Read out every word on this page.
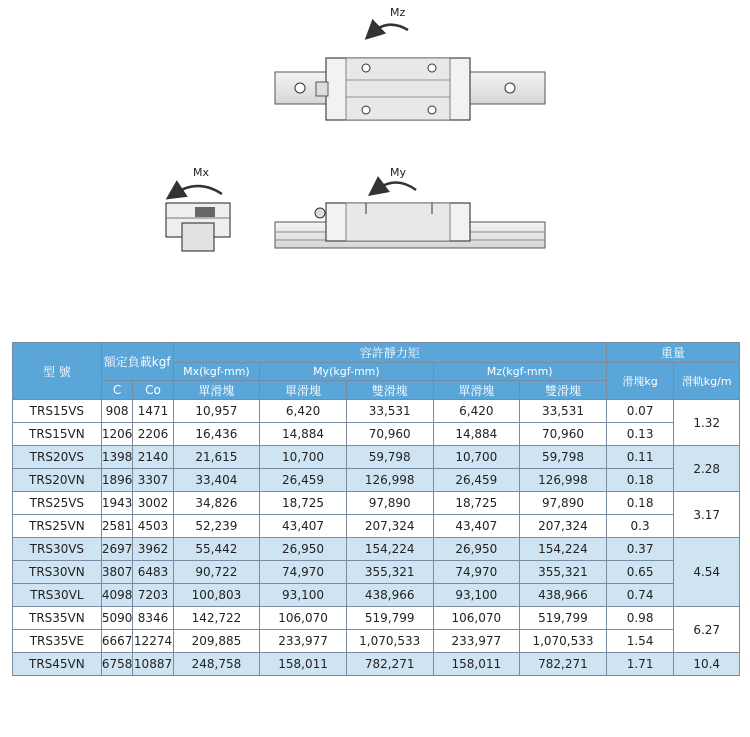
Mz
Mx	My
型 號	額定負載kgf		容許靜力矩					重量	
			Mx(kgf-mm)	My(kgf-mm)		Mz(kgf-mm)		滑塊kg	滑軌kg/m
	C	Co	單滑塊	單滑塊	雙滑塊	單滑塊	雙滑塊		
TRS15VS	908	1471	10,957	6,420	33,531	6,420	33,531	0.07	1.32
TRS15VN	1206	2206	16,436	14,884	70,960	14,884	70,960	0.13	
TRS20VS	1398	2140	21,615	10,700	59,798	10,700	59,798	0.11	2.28
TRS20VN	1896	3307	33,404	26,459	126,998	26,459	126,998	0.18	
TRS25VS	1943	3002	34,826	18,725	97,890	18,725	97,890	0.18	3.17
TRS25VN	2581	4503	52,239	43,407	207,324	43,407	207,324	0.3	
TRS30VS	2697	3962	55,442	26,950	154,224	26,950	154,224	0.37	4.54
TRS30VN	3807	6483	90,722	74,970	355,321	74,970	355,321	0.65	
TRS30VL	4098	7203	100,803	93,100	438,966	93,100	438,966	0.74	
TRS35VN	5090	8346	142,722	106,070	519,799	106,070	519,799	0.98	6.27
TRS35VE	6667	12274	209,885	233,977	1,070,533	233,977	1,070,533	1.54	
TRS45VN	6758	10887	248,758	158,011	782,271	158,011	782,271	1.71	10.4
